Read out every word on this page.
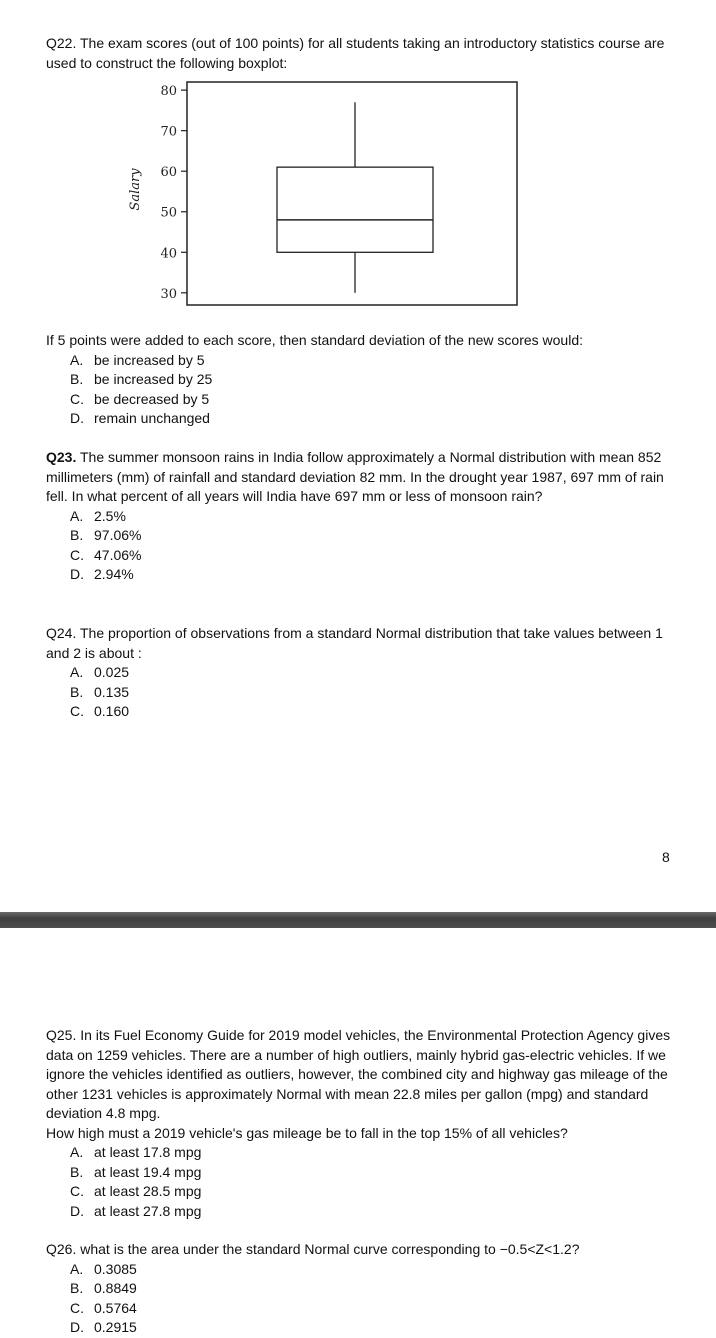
Q22. The exam scores (out of 100 points) for all students taking an introductory statistics course are used to construct the following boxplot:

30
40
50
60
70
80
Salary

If 5 points were added to each score, then standard deviation of the new scores would:

A. be increased by 5
B. be increased by 25
C. be decreased by 5
D. remain unchanged

Q23. The summer monsoon rains in India follow approximately a Normal distribution with mean 852 millimeters (mm) of rainfall and standard deviation 82 mm. In the drought year 1987, 697 mm of rain fell. In what percent of all years will India have 697 mm or less of monsoon rain?

A. 2.5%
B. 97.06%
C. 47.06%
D. 2.94%

Q24. The proportion of observations from a standard Normal distribution that take values between 1 and 2 is about :

A. 0.025
B. 0.135
C. 0.160
8

Q25. In its Fuel Economy Guide for 2019 model vehicles, the Environmental Protection Agency gives data on 1259 vehicles. There are a number of high outliers, mainly hybrid gas-electric vehicles. If we ignore the vehicles identified as outliers, however, the combined city and highway gas mileage of the other 1231 vehicles is approximately Normal with mean 22.8 miles per gallon (mpg) and standard deviation 4.8 mpg.

How high must a 2019 vehicle's gas mileage be to fall in the top 15% of all vehicles?

A. at least 17.8 mpg
B. at least 19.4 mpg
C. at least 28.5 mpg
D. at least 27.8 mpg

Q26. what is the area under the standard Normal curve corresponding to −0.5<Z<1.2?

A. 0.3085
B. 0.8849
C. 0.5764
D. 0.2915
